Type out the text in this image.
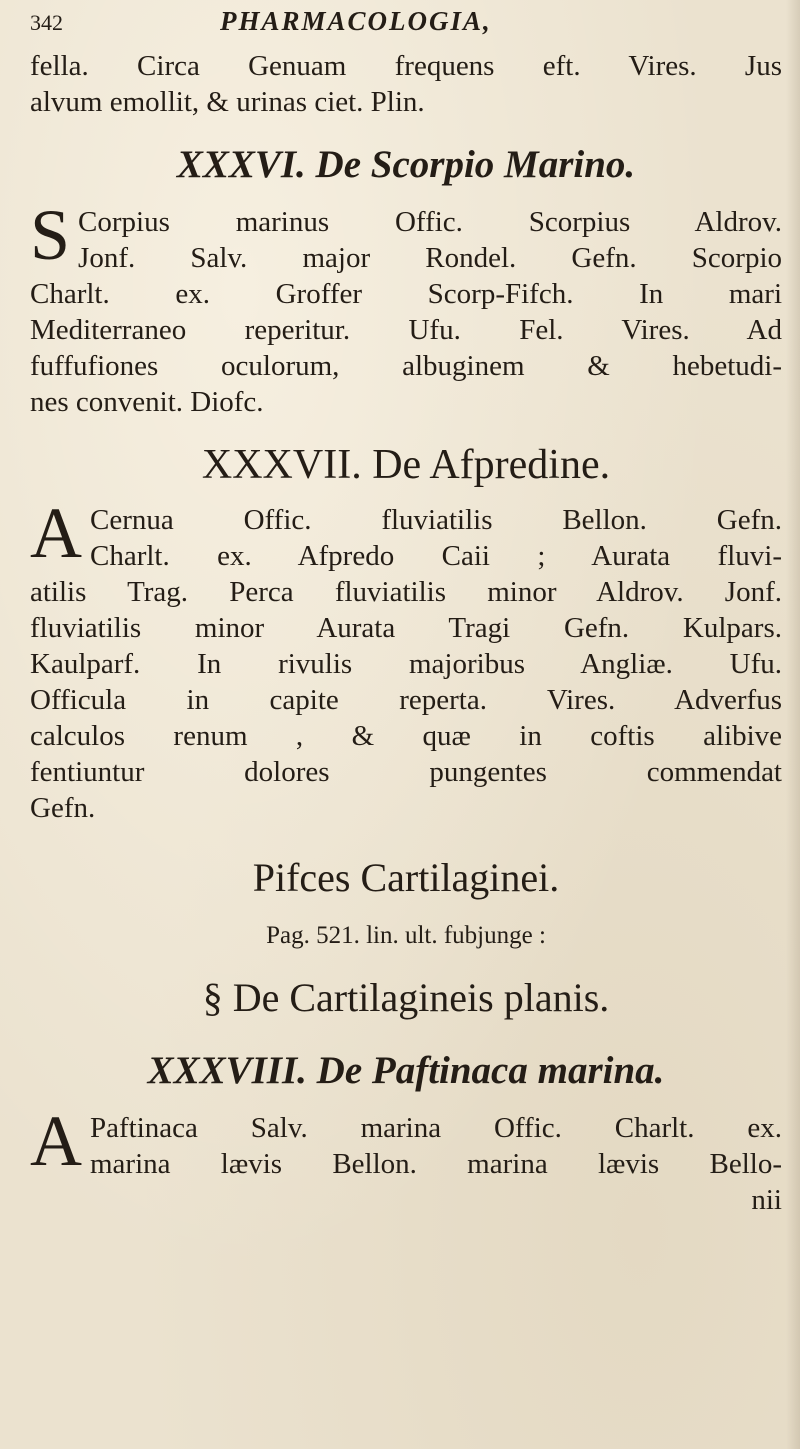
342	PHARMACOLOGIA,
fella. Circa Genuam frequens eft. Vires. Jus
alvum emollit, & urinas ciet. Plin.
XXXVI. De Scorpio Marino.
S Corpius marinus Offic. Scorpius Aldrov.
Jonf. Salv. major Rondel. Gefn. Scorpio
Charlt. ex. Groffer Scorp-Fifch. In mari
Mediterraneo reperitur. Ufu. Fel. Vires. Ad
fuffufiones oculorum, albuginem & hebetudi-
nes convenit. Diofc.
XXXVII. De Afpredine.
A Cernua Offic. fluviatilis Bellon. Gefn.
Charlt. ex. Afpredo Caii ; Aurata fluvi-
atilis Trag. Perca fluviatilis minor Aldrov. Jonf.
fluviatilis minor Aurata Tragi Gefn. Kulpars.
Kaulparf. In rivulis majoribus Angliæ. Ufu.
Officula in capite reperta. Vires. Adverfus
calculos renum , & quæ in coftis alibive
fentiuntur dolores pungentes commendat
Gefn.
Pifces Cartilaginei.
Pag. 521. lin. ult. fubjunge :
§ De Cartilagineis planis.
XXXVIII. De Paftinaca marina.
A Paftinaca Salv. marina Offic. Charlt. ex.
marina lævis Bellon. marina lævis Bello-
nii
